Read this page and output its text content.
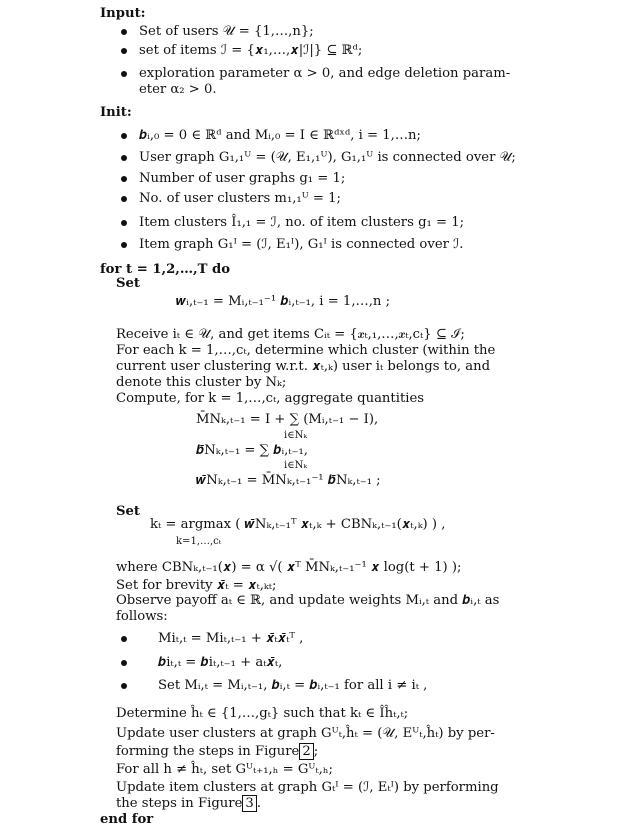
Input:
Set of users 𝒰 = {1,…,n};
set of items ℐ = {𝒙₁,…,𝒙|ℐ|} ⊆ ℝᵈ;
exploration parameter α > 0, and edge deletion param-
eter α₂ > 0.
Init:
𝒃ᵢ,₀ = 0 ∈ ℝᵈ and Mᵢ,₀ = I ∈ ℝᵈˣᵈ, i = 1,…n;
User graph G₁,₁ᵁ = (𝒰, E₁,₁ᵁ), G₁,₁ᵁ is connected over 𝒰;
Number of user graphs g₁ = 1;
No. of user clusters m₁,₁ᵁ = 1;
Item clusters Î₁,₁ = ℐ, no. of item clusters g₁ = 1;
Item graph G₁ᴵ = (ℐ, E₁ᴵ), G₁ᴵ is connected over ℐ.
for t = 1,2,…,T do
Set
𝒘ᵢ,ₜ₋₁ = Mᵢ,ₜ₋₁⁻¹ 𝒃ᵢ,ₜ₋₁, i = 1,…,n ;
Receive iₜ ∈ 𝒰, and get items Cᵢₜ = {𝒙ₜ,₁,…,𝒙ₜ,cₜ} ⊆ ℐ;
For each k = 1,…,cₜ, determine which cluster (within the
current user clustering w.r.t. 𝒙ₜ,ₖ) user iₜ belongs to, and
denote this cluster by Nₖ;
Compute, for k = 1,…,cₜ, aggregate quantities
M̄Nₖ,ₜ₋₁ = I + ∑ (Mᵢ,ₜ₋₁ − I),
i∈Nₖ
𝒃̄Nₖ,ₜ₋₁ = ∑ 𝒃ᵢ,ₜ₋₁,
i∈Nₖ
𝒘̄Nₖ,ₜ₋₁ = M̄Nₖ,ₜ₋₁⁻¹ 𝒃̄Nₖ,ₜ₋₁ ;
Set
kₜ = argmax ( 𝒘̄Nₖ,ₜ₋₁ᵀ 𝒙ₜ,ₖ + CBNₖ,ₜ₋₁(𝒙ₜ,ₖ) ) ,
k=1,…,cₜ
where CBNₖ,ₜ₋₁(𝒙) = α √( 𝒙ᵀ M̄Nₖ,ₜ₋₁⁻¹ 𝒙 log(t + 1) );
Set for brevity 𝒙̄ₜ = 𝒙ₜ,ₖₜ;
Observe payoff aₜ ∈ ℝ, and update weights Mᵢ,ₜ and 𝒃ᵢ,ₜ as
follows:
Miₜ,ₜ = Miₜ,ₜ₋₁ + 𝒙̄ₜ𝒙̄ₜᵀ ,
𝒃iₜ,ₜ = 𝒃iₜ,ₜ₋₁ + aₜ𝒙̄ₜ,
Set Mᵢ,ₜ = Mᵢ,ₜ₋₁, 𝒃ᵢ,ₜ = 𝒃ᵢ,ₜ₋₁ for all i ≠ iₜ ,
Determine ĥₜ ∈ {1,…,gₜ} such that kₜ ∈ Îĥₜ,ₜ;
Update user clusters at graph Gᵁₜ,ĥₜ = (𝒰, Eᵁₜ,ĥₜ) by per-
forming the steps in Figure 2 ;
For all h ≠ ĥₜ, set Gᵁₜ₊₁,ₕ = Gᵁₜ,ₕ;
Update item clusters at graph Gₜᴵ = (ℐ, Eₜᴵ) by performing
the steps in Figure 3 .
end for
